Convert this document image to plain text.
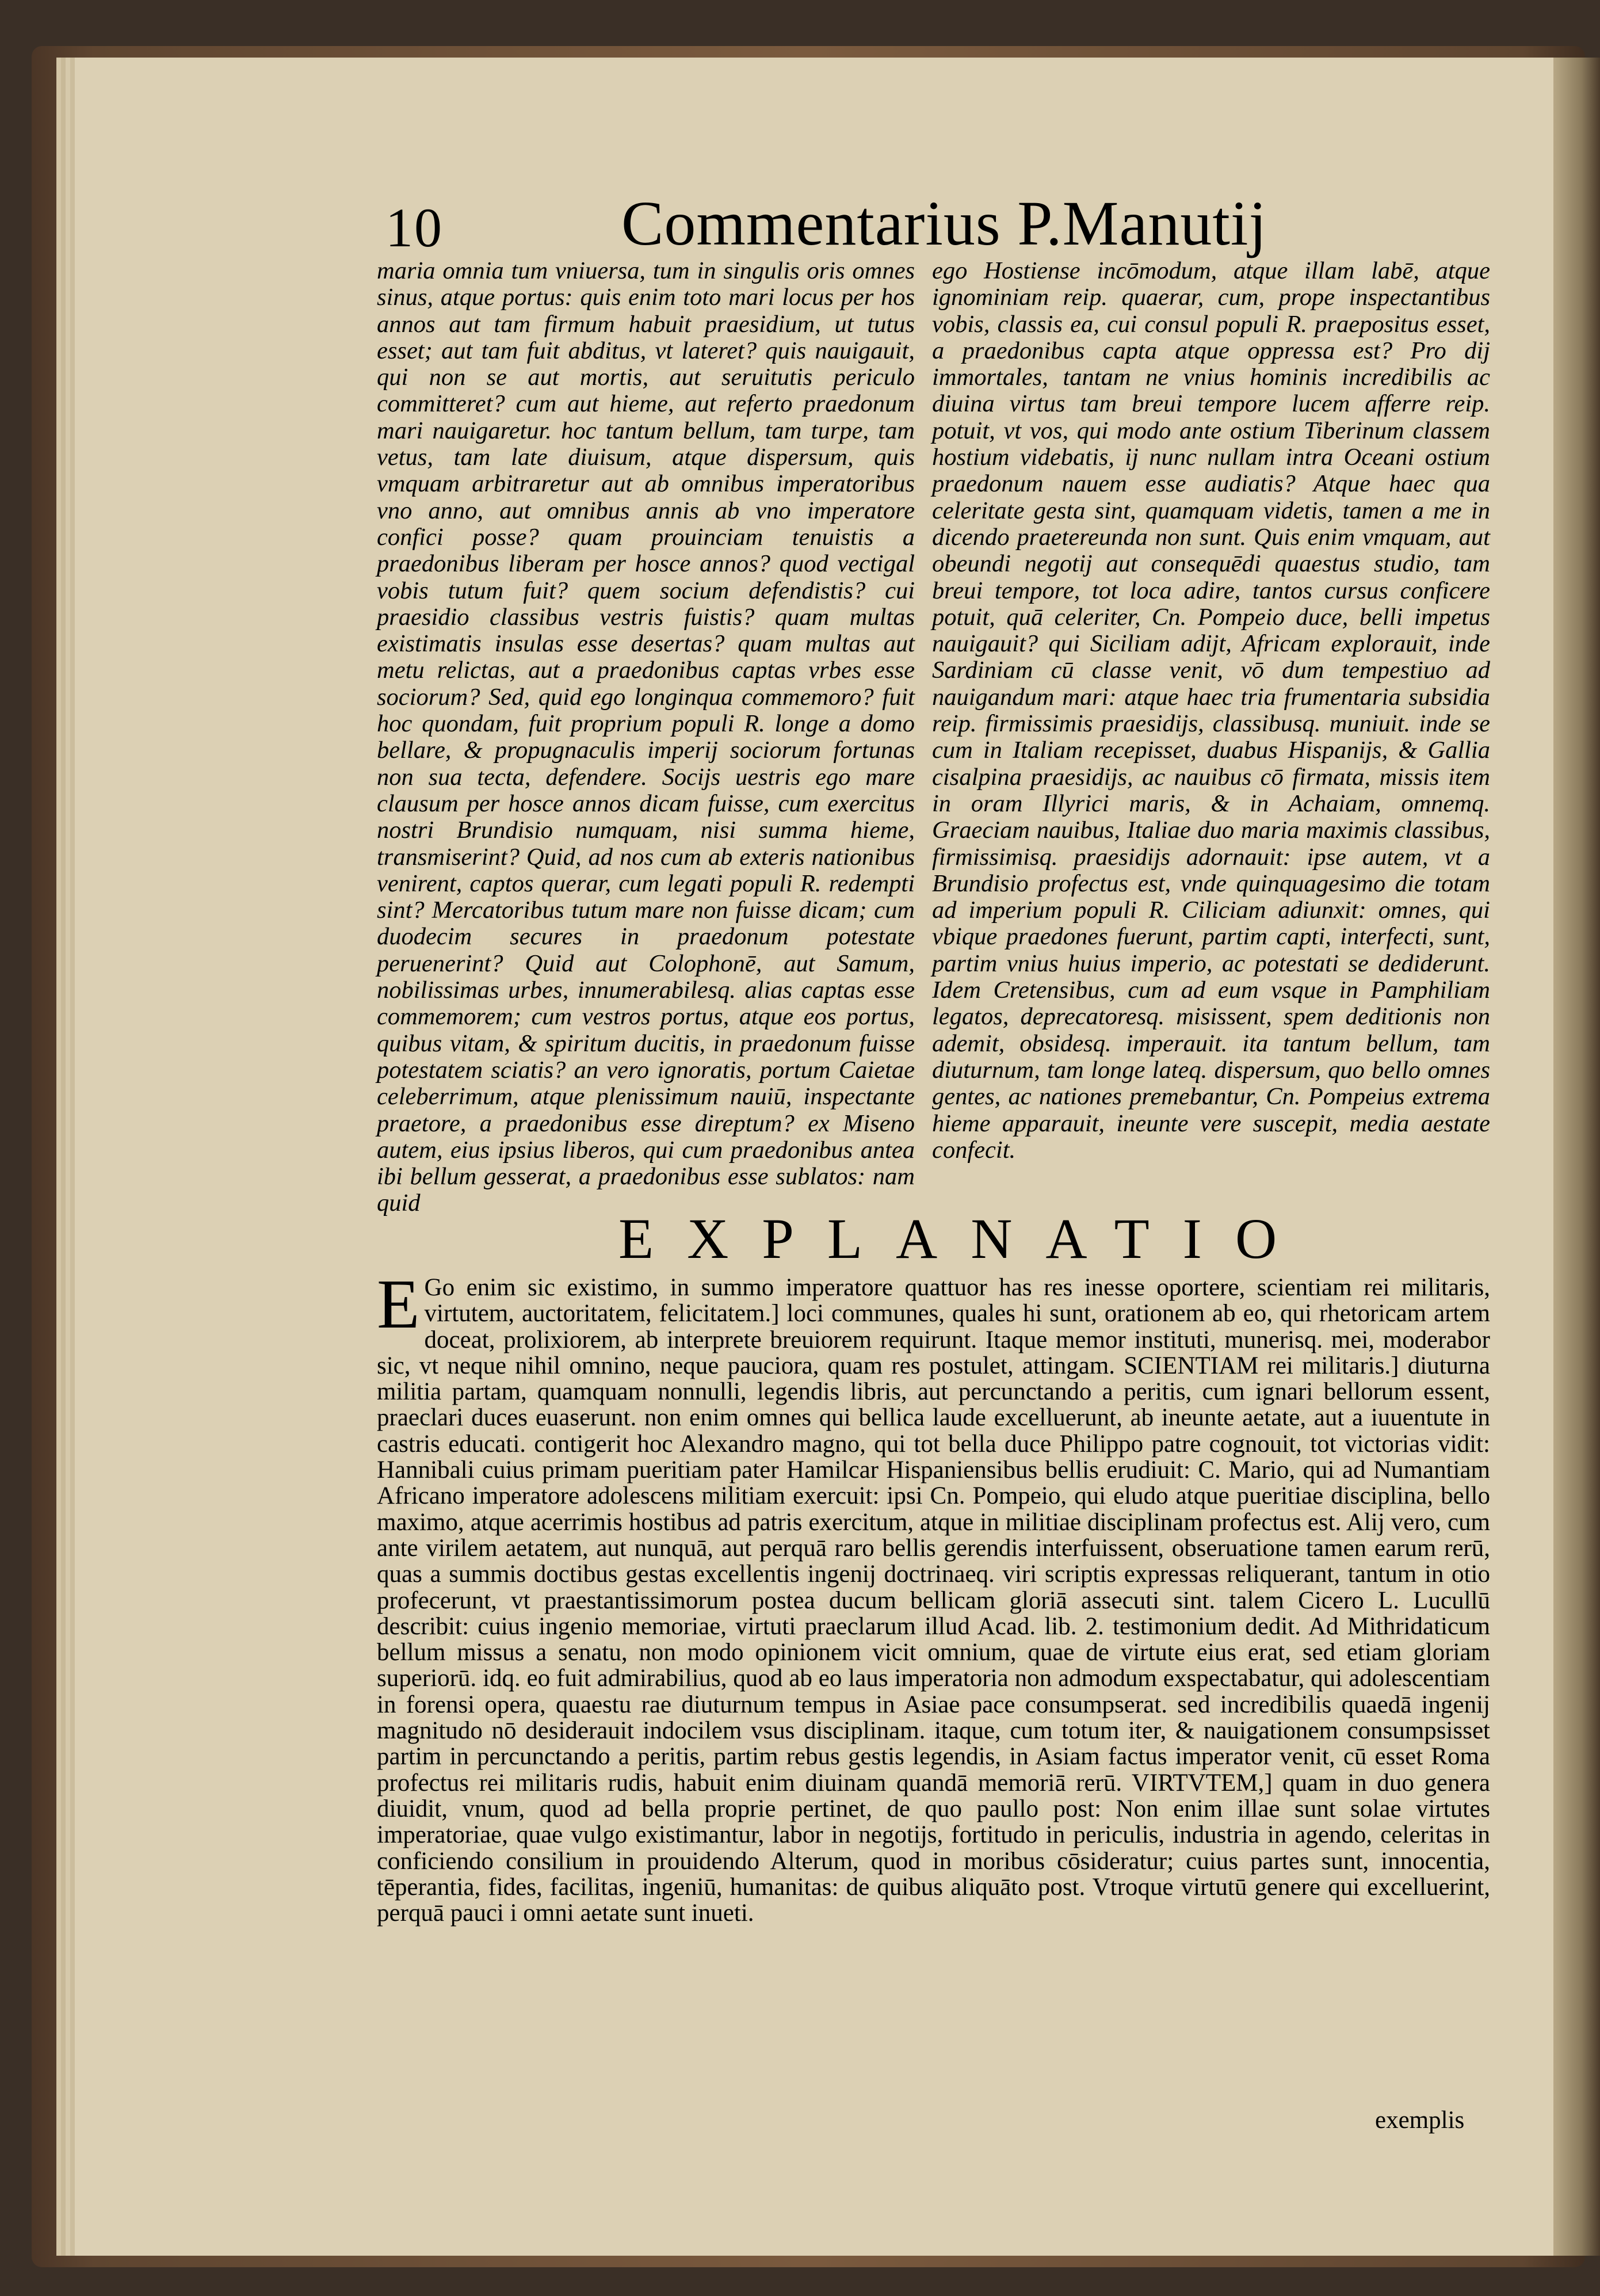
10	Commentarius P.Manutij

maria omnia tum vniuersa, tum in singulis oris omnes sinus, atque portus: quis enim toto mari locus per hos annos aut tam firmum habuit praesidium, ut tutus esset; aut tam fuit abditus, vt lateret? quis nauigauit, qui non se aut mortis, aut seruitutis periculo committeret? cum aut hieme, aut referto praedonum mari nauigaretur. hoc tantum bellum, tam turpe, tam vetus, tam late diuisum, atque dispersum, quis vmquam arbitraretur aut ab omnibus imperatoribus vno anno, aut omnibus annis ab vno imperatore confici posse? quam prouinciam tenuistis a praedonibus liberam per hosce annos? quod vectigal vobis tutum fuit? quem socium defendistis? cui praesidio classibus vestris fuistis? quam multas existimatis insulas esse desertas? quam multas aut metu relictas, aut a praedonibus captas vrbes esse sociorum? Sed, quid ego longinqua commemoro? fuit hoc quondam, fuit proprium populi R. longe a domo bellare, & propugnaculis imperij sociorum fortunas non sua tecta, defendere. Socijs uestris ego mare clausum per hosce annos dicam fuisse, cum exercitus nostri Brundisio numquam, nisi summa hieme, transmiserint? Quid, ad nos cum ab exteris nationibus venirent, captos querar, cum legati populi R. redempti sint? Mercatoribus tutum mare non fuisse dicam; cum duodecim secures in praedonum potestate peruenerint? Quid aut Colophonē, aut Samum, nobilissimas urbes, innumerabilesq. alias captas esse commemorem; cum vestros portus, atque eos portus, quibus vitam, & spiritum ducitis, in praedonum fuisse potestatem sciatis? an vero ignoratis, portum Caietae celeberrimum, atque plenissimum nauiū, inspectante praetore, a praedonibus esse direptum? ex Miseno autem, eius ipsius liberos, qui cum praedonibus antea ibi bellum gesserat, a praedonibus esse sublatos: nam quid

ego Hostiense incōmodum, atque illam labē, atque ignominiam reip. quaerar, cum, prope inspectantibus vobis, classis ea, cui consul populi R. praepositus esset, a praedonibus capta atque oppressa est? Pro dij immortales, tantam ne vnius hominis incredibilis ac diuina virtus tam breui tempore lucem afferre reip. potuit, vt vos, qui modo ante ostium Tiberinum classem hostium videbatis, ij nunc nullam intra Oceani ostium praedonum nauem esse audiatis? Atque haec qua celeritate gesta sint, quamquam videtis, tamen a me in dicendo praetereunda non sunt. Quis enim vmquam, aut obeundi negotij aut consequēdi quaestus studio, tam breui tempore, tot loca adire, tantos cursus conficere potuit, quā celeriter, Cn. Pompeio duce, belli impetus nauigauit? qui Siciliam adijt, Africam explorauit, inde Sardiniam cū classe venit, vō dum tempestiuo ad nauigandum mari: atque haec tria frumentaria subsidia reip. firmissimis praesidijs, classibusq. muniuit. inde se cum in Italiam recepisset, duabus Hispanijs, & Gallia cisalpina praesidijs, ac nauibus cō firmata, missis item in oram Illyrici maris, & in Achaiam, omnemq. Graeciam nauibus, Italiae duo maria maximis classibus, firmissimisq. praesidijs adornauit: ipse autem, vt a Brundisio profectus est, vnde quinquagesimo die totam ad imperium populi R. Ciliciam adiunxit: omnes, qui vbique praedones fuerunt, partim capti, interfecti, sunt, partim vnius huius imperio, ac potestati se dediderunt. Idem Cretensibus, cum ad eum vsque in Pamphiliam legatos, deprecatoresq. misissent, spem deditionis non ademit, obsidesq. imperauit. ita tantum bellum, tam diuturnum, tam longe lateq. dispersum, quo bello omnes gentes, ac nationes premebantur, Cn. Pompeius extrema hieme apparauit, ineunte vere suscepit, media aestate confecit.

EXPLANATIO
E Go enim sic existimo, in summo imperatore quattuor has res inesse oportere, scientiam rei militaris, virtutem, auctoritatem, felicitatem.] loci communes, quales hi sunt, orationem ab eo, qui rhetoricam artem doceat, prolixiorem, ab interprete breuiorem requirunt. Itaque memor instituti, munerisq. mei, moderabor sic, vt neque nihil omnino, neque pauciora, quam res postulet, attingam. SCIENTIAM rei militaris.] diuturna militia partam, quamquam nonnulli, legendis libris, aut percunctando a peritis, cum ignari bellorum essent, praeclari duces euaserunt. non enim omnes qui bellica laude excelluerunt, ab ineunte aetate, aut a iuuentute in castris educati. contigerit hoc Alexandro magno, qui tot bella duce Philippo patre cognouit, tot victorias vidit: Hannibali cuius primam pueritiam pater Hamilcar Hispaniensibus bellis erudiuit: C. Mario, qui ad Numantiam Africano imperatore adolescens militiam exercuit: ipsi Cn. Pompeio, qui eludo atque pueritiae disciplina, bello maximo, atque acerrimis hostibus ad patris exercitum, atque in militiae disciplinam profectus est. Alij vero, cum ante virilem aetatem, aut nunquā, aut perquā raro bellis gerendis interfuissent, obseruatione tamen earum rerū, quas a summis doctibus gestas excellentis ingenij doctrinaeq. viri scriptis expressas reliquerant, tantum in otio profecerunt, vt praestantissimorum postea ducum bellicam gloriā assecuti sint. talem Cicero L. Lucullū describit: cuius ingenio memoriae, virtuti praeclarum illud Acad. lib. 2. testimonium dedit. Ad Mithridaticum bellum missus a senatu, non modo opinionem vicit omnium, quae de virtute eius erat, sed etiam gloriam superiorū. idq. eo fuit admirabilius, quod ab eo laus imperatoria non admodum exspectabatur, qui adolescentiam in forensi opera, quaestu rae diuturnum tempus in Asiae pace consumpserat. sed incredibilis quaedā ingenij magnitudo nō desiderauit indocilem vsus disciplinam. itaque, cum totum iter, & nauigationem consumpsisset partim in percunctando a peritis, partim rebus gestis legendis, in Asiam factus imperator venit, cū esset Roma profectus rei militaris rudis, habuit enim diuinam quandā memoriā rerū. VIRTVTEM,] quam in duo genera diuidit, vnum, quod ad bella proprie pertinet, de quo paullo post: Non enim illae sunt solae virtutes imperatoriae, quae vulgo existimantur, labor in negotijs, fortitudo in periculis, industria in agendo, celeritas in conficiendo consilium in prouidendo Alterum, quod in moribus cōsideratur; cuius partes sunt, innocentia, tēperantia, fides, facilitas, ingeniū, humanitas: de quibus aliquāto post. Vtroque virtutū genere qui excelluerint, perquā pauci i omni aetate sunt inueti.

exemplis
